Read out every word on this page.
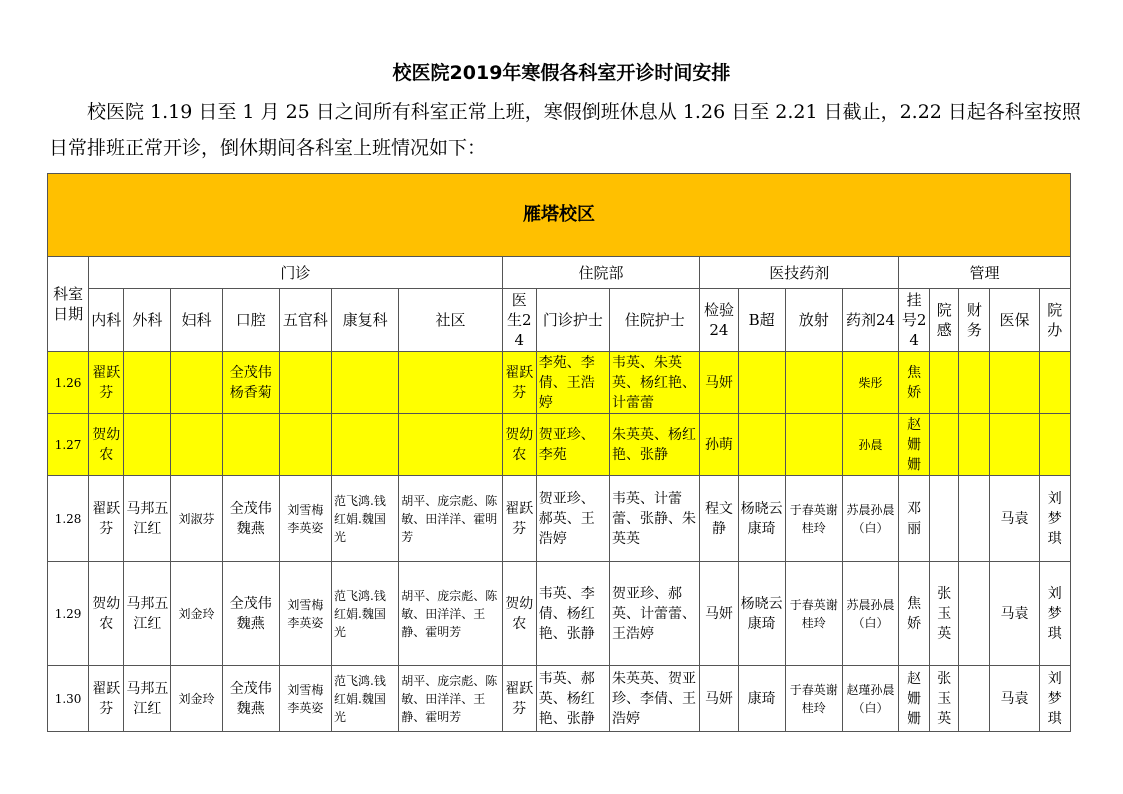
校医院2019年寒假各科室开诊时间安排
校医院 1.19 日至 1 月 25 日之间所有科室正常上班，寒假倒班休息从 1.26 日至 2.21 日截止，2.22 日起各科室按照
日常排班正常开诊，倒休期间各科室上班情况如下：
雁塔校区																			
科室日期	门诊							住院部			医技药剂				管理				
	内科	外科	妇科	口腔	五官科	康复科	社区	医生24	门诊护士	住院护士	检验24	B超	放射	药剂24	挂号24	院感	财务	医保	院办
1.26	翟跃芬			全茂伟杨香菊				翟跃芬	李苑、李倩、王浩婷	韦英、朱英英、杨红艳、计蕾蕾	马妍			柴彤	焦娇				
1.27	贺幼农							贺幼农	贺亚珍、李苑	朱英英、杨红艳、张静	孙萌			孙晨	赵姗姗				
1.28	翟跃芬	马邦五江红	刘淑芬	全茂伟魏燕	刘雪梅李英姿	范飞鸿.钱红娟.魏国光	胡平、庞宗彪、陈敏、田洋洋、霍明芳	翟跃芬	贺亚珍、郝英、王浩婷	韦英、计蕾蕾、张静、朱英英	程文静	杨晓云康琦	于春英谢桂玲	苏晨孙晨（白）	邓丽			马袁	刘梦琪
1.29	贺幼农	马邦五江红	刘金玲	全茂伟魏燕	刘雪梅李英姿	范飞鸿.钱红娟.魏国光	胡平、庞宗彪、陈敏、田洋洋、王静、霍明芳	贺幼农	韦英、李倩、杨红艳、张静	贺亚珍、郝英、计蕾蕾、王浩婷	马妍	杨晓云康琦	于春英谢桂玲	苏晨孙晨（白）	焦娇	张玉英		马袁	刘梦琪
1.30	翟跃芬	马邦五江红	刘金玲	全茂伟魏燕	刘雪梅李英姿	范飞鸿.钱红娟.魏国光	胡平、庞宗彪、陈敏、田洋洋、王静、霍明芳	翟跃芬	韦英、郝英、杨红艳、张静	朱英英、贺亚珍、李倩、王浩婷	马妍	康琦	于春英谢桂玲	赵瑾孙晨（白）	赵姗姗	张玉英		马袁	刘梦琪
